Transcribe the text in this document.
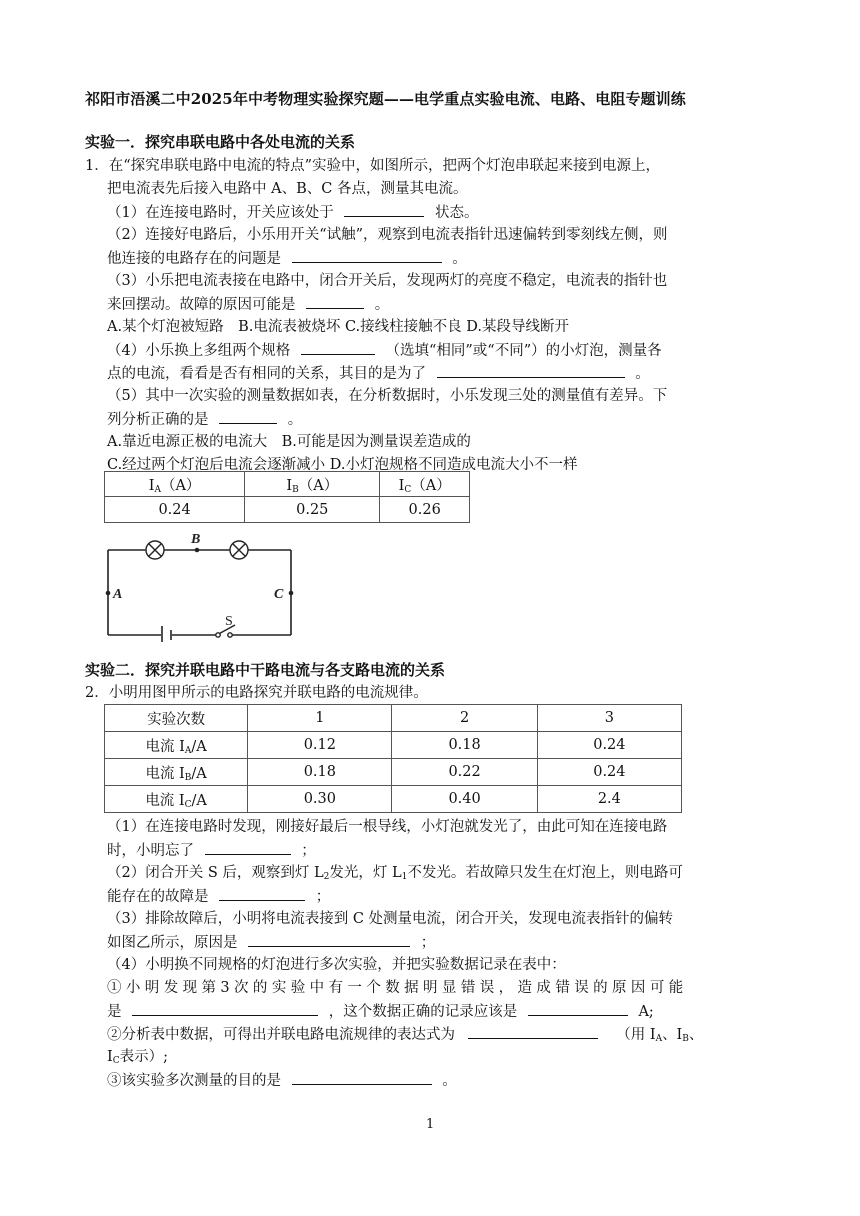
祁阳市浯溪二中2025年中考物理实验探究题——电学重点实验电流、电路、电阻专题训练
实验一．探究串联电路中各处电流的关系
1．在“探究串联电路中电流的特点”实验中，如图所示，把两个灯泡串联起来接到电源上，
把电流表先后接入电路中 A、B、C 各点，测量其电流。
（1）在连接电路时，开关应该处于	状态。
（2）连接好电路后，小乐用开关“试触”，观察到电流表指针迅速偏转到零刻线左侧，则
他连接的电路存在的问题是	。
（3）小乐把电流表接在电路中，闭合开关后，发现两灯的亮度不稳定，电流表的指针也
来回摆动。故障的原因可能是	。
A.某个灯泡被短路　B.电流表被烧坏 C.接线柱接触不良 D.某段导线断开
（4）小乐换上多组两个规格	（选填“相同”或“不同”）的小灯泡，测量各
点的电流，看看是否有相同的关系，其目的是为了	。
（5）其中一次实验的测量数据如表，在分析数据时，小乐发现三处的测量值有差异。下
列分析正确的是	。
A.靠近电源正极的电流大　B.可能是因为测量误差造成的
C.经过两个灯泡后电流会逐渐减小 D.小灯泡规格不同造成电流大小不一样
$I_A(A)$	$I_B(A)$	$I_C(A)$
0.24	0.25	0.26
B
A	C
S
实验二．探究并联电路中干路电流与各支路电流的关系
2．小明用图甲所示的电路探究并联电路的电流规律。
实验次数	1	2	3
电流 $I_A/A$	0.12	0.18	0.24
电流 $I_B/A$	0.18	0.22	0.24
电流 $I_C/A$	0.30	0.40	2.4
（1）在连接电路时发现，刚接好最后一根导线，小灯泡就发光了，由此可知在连接电路
时，小明忘了	；
（2）闭合开关 S 后，观察到灯 $L_2$发光，灯 $L_1$不发光。若故障只发生在灯泡上，则电路可
能存在的故障是	；
（3）排除故障后，小明将电流表接到 C 处测量电流，闭合开关，发现电流表指针的偏转
如图乙所示，原因是	；
（4）小明换不同规格的灯泡进行多次实验，并把实验数据记录在表中：
①小明发现第3次的实验中有一个数据明显错误，造成错误的原因可能
是	，这个数据正确的记录应该是	A;
②分析表中数据，可得出并联电路电流规律的表达式为	（用 $I_A$、$I_B$、
$I_C$表示）;
③该实验多次测量的目的是	。
1
